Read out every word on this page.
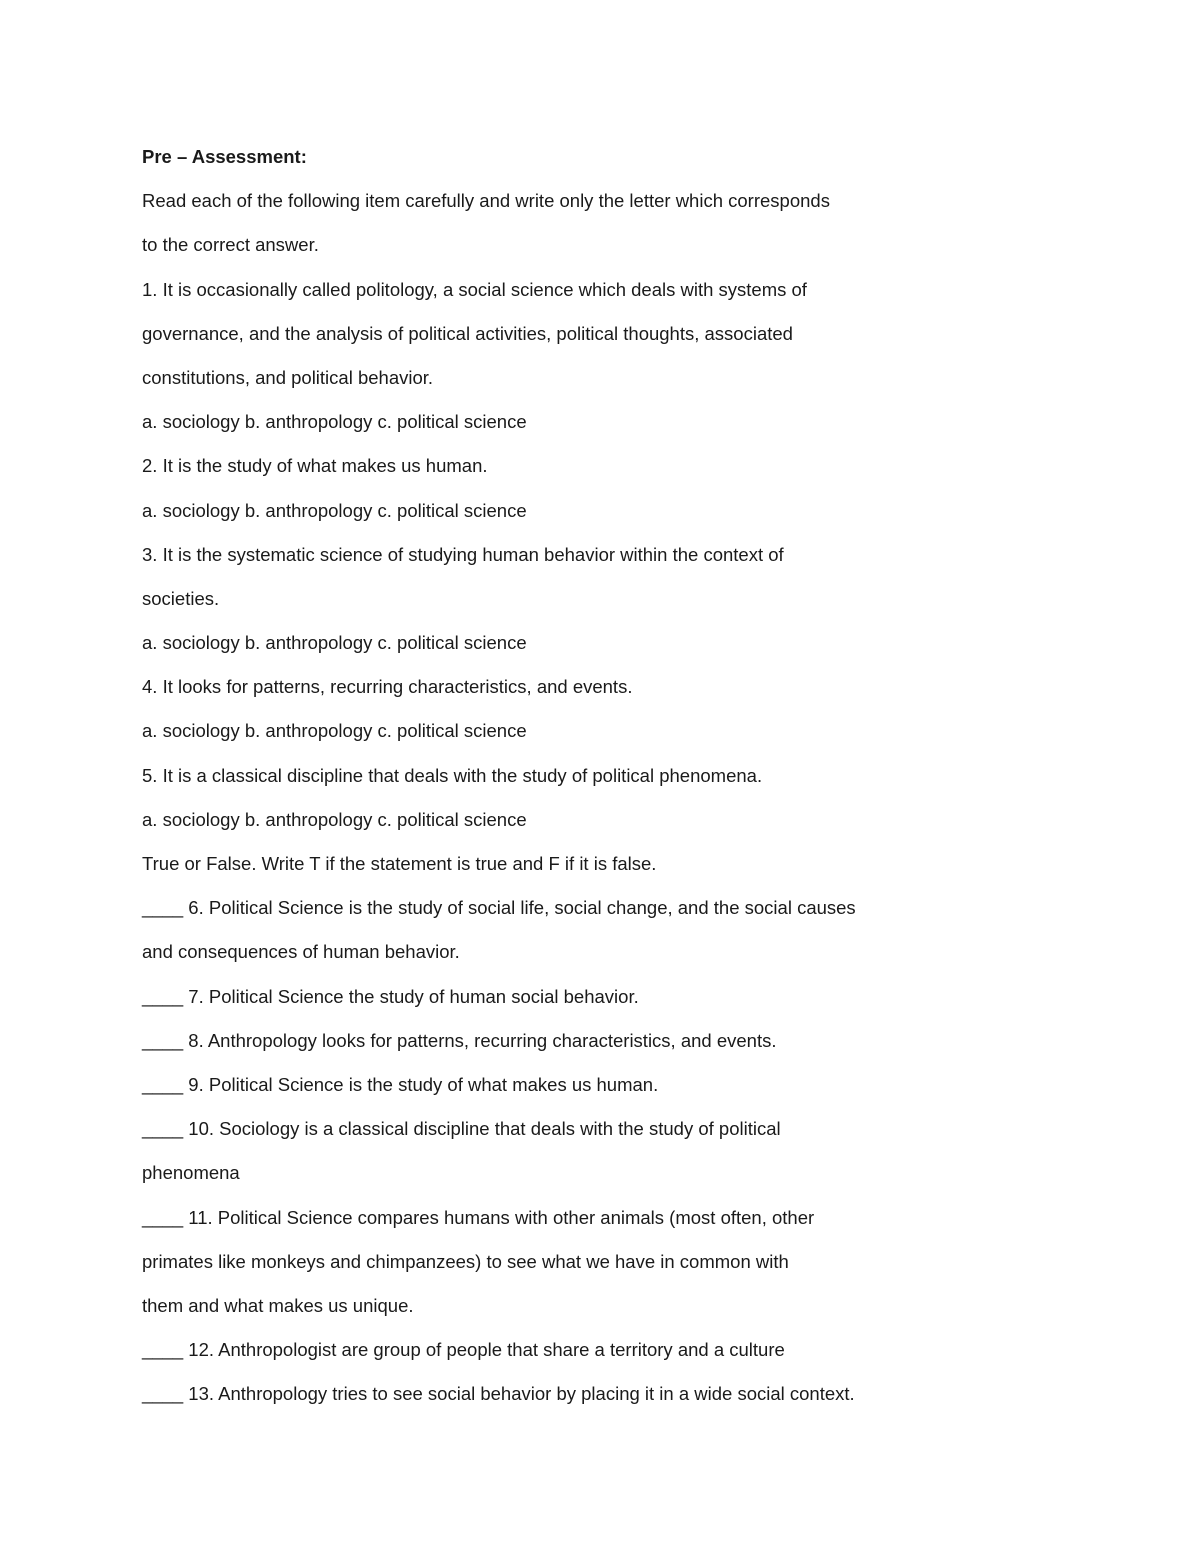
Pre – Assessment:

Read each of the following item carefully and write only the letter which corresponds

to the correct answer.

1. It is occasionally called politology, a social science which deals with systems of

governance, and the analysis of political activities, political thoughts, associated

constitutions, and political behavior.

a. sociology b. anthropology c. political science

2. It is the study of what makes us human.

a. sociology b. anthropology c. political science

3. It is the systematic science of studying human behavior within the context of

societies.

a. sociology b. anthropology c. political science

4. It looks for patterns, recurring characteristics, and events.

a. sociology b. anthropology c. political science

5. It is a classical discipline that deals with the study of political phenomena.

a. sociology b. anthropology c. political science

True or False. Write T if the statement is true and F if it is false.

____ 6. Political Science is the study of social life, social change, and the social causes

and consequences of human behavior.

____ 7. Political Science the study of human social behavior.

____ 8. Anthropology looks for patterns, recurring characteristics, and events.

____ 9. Political Science is the study of what makes us human.

____ 10. Sociology is a classical discipline that deals with the study of political

phenomena

____ 11. Political Science compares humans with other animals (most often, other

primates like monkeys and chimpanzees) to see what we have in common with

them and what makes us unique.

____ 12. Anthropologist are group of people that share a territory and a culture

____ 13. Anthropology tries to see social behavior by placing it in a wide social context.
